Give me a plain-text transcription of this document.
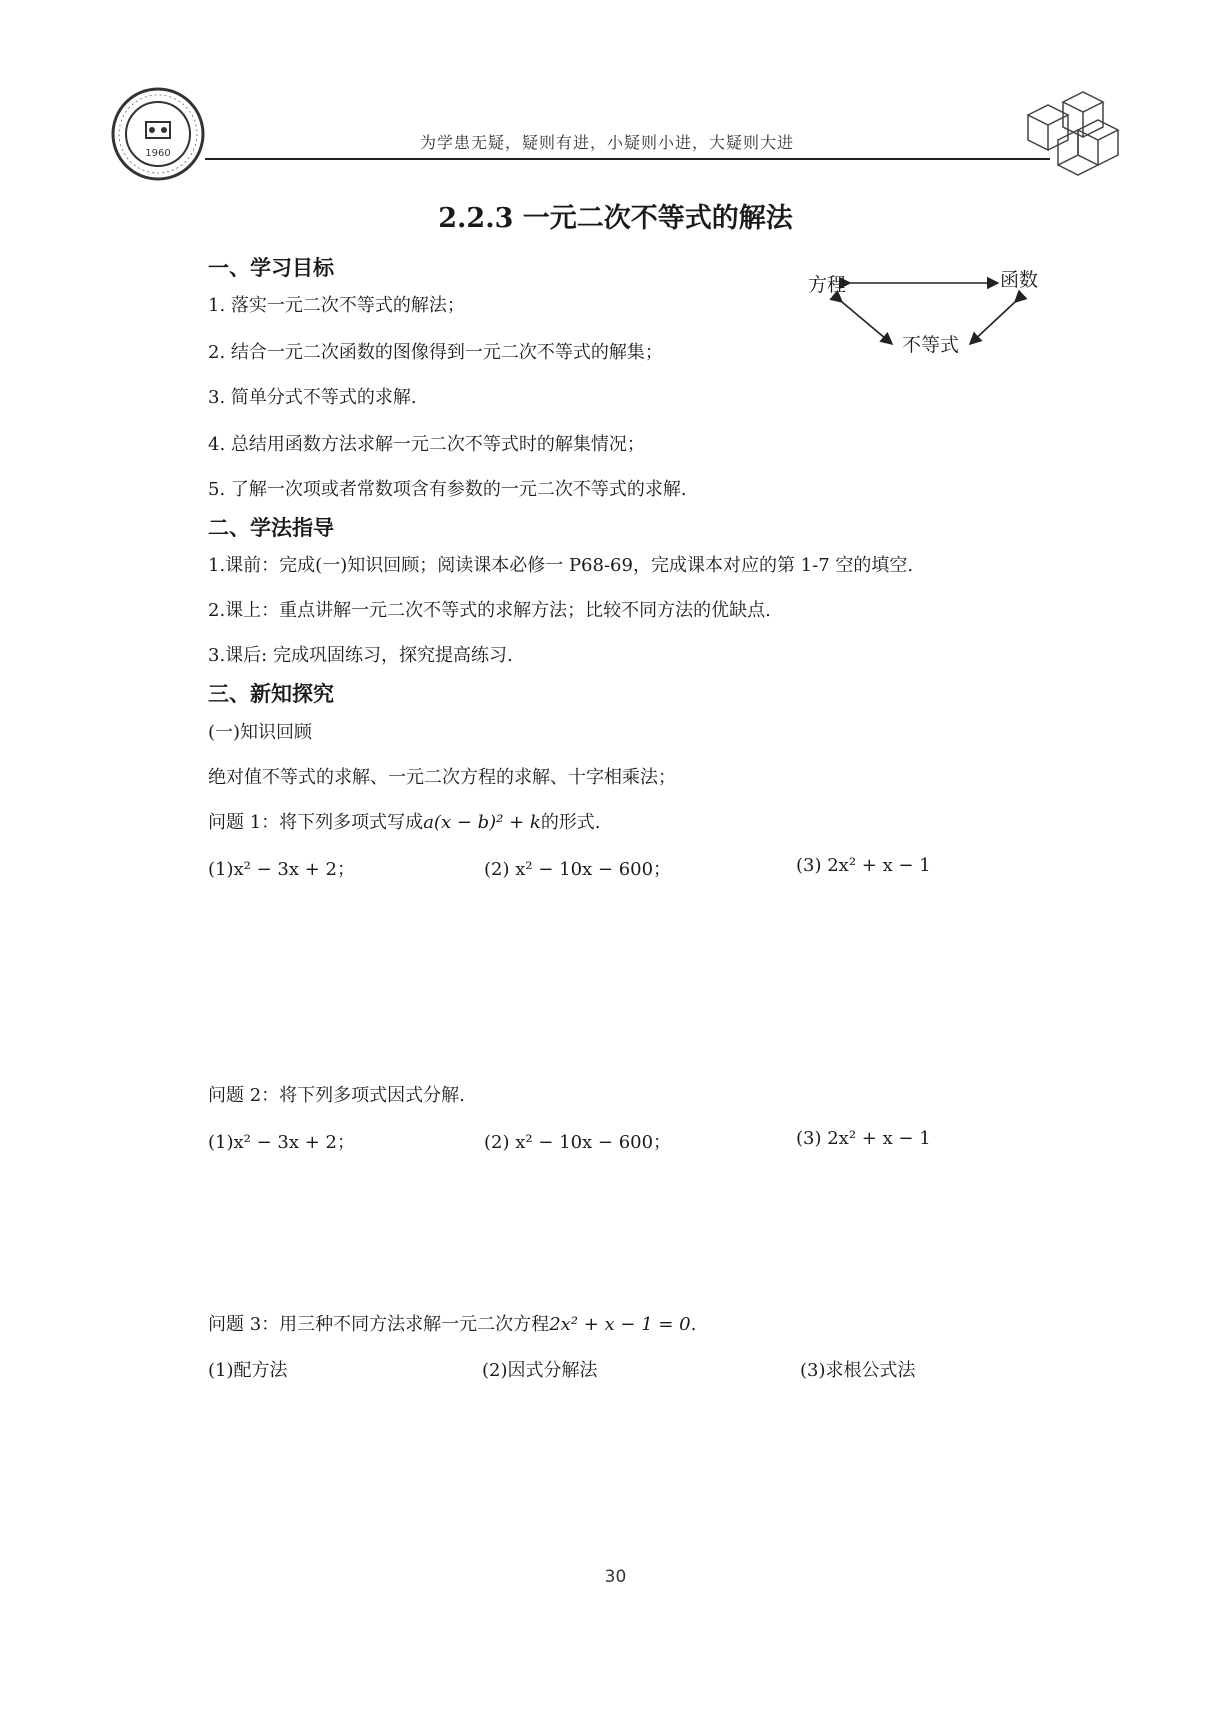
1960
为学患无疑，疑则有进，小疑则小进，大疑则大进
2.2.3 一元二次不等式的解法
一、学习目标
1. 落实一元二次不等式的解法；
2. 结合一元二次函数的图像得到一元二次不等式的解集；
3. 简单分式不等式的求解.
4. 总结用函数方法求解一元二次不等式时的解集情况；
5. 了解一次项或者常数项含有参数的一元二次不等式的求解.
方程	函数
不等式
二、学法指导
1.课前：完成(一)知识回顾；阅读课本必修一 P68-69，完成课本对应的第 1-7 空的填空.
2.课上：重点讲解一元二次不等式的求解方法；比较不同方法的优缺点.
3.课后: 完成巩固练习，探究提高练习.
三、新知探究
(一)知识回顾
绝对值不等式的求解、一元二次方程的求解、十字相乘法；
问题 1：将下列多项式写成a(x − b)² + k的形式.
(1)x² − 3x + 2；	(2) x² − 10x − 600；	(3) 2x² + x − 1
问题 2：将下列多项式因式分解.
(1)x² − 3x + 2；	(2) x² − 10x − 600；	(3) 2x² + x − 1
问题 3：用三种不同方法求解一元二次方程2x² + x − 1 = 0.
(1)配方法	(2)因式分解法	(3)求根公式法
30
